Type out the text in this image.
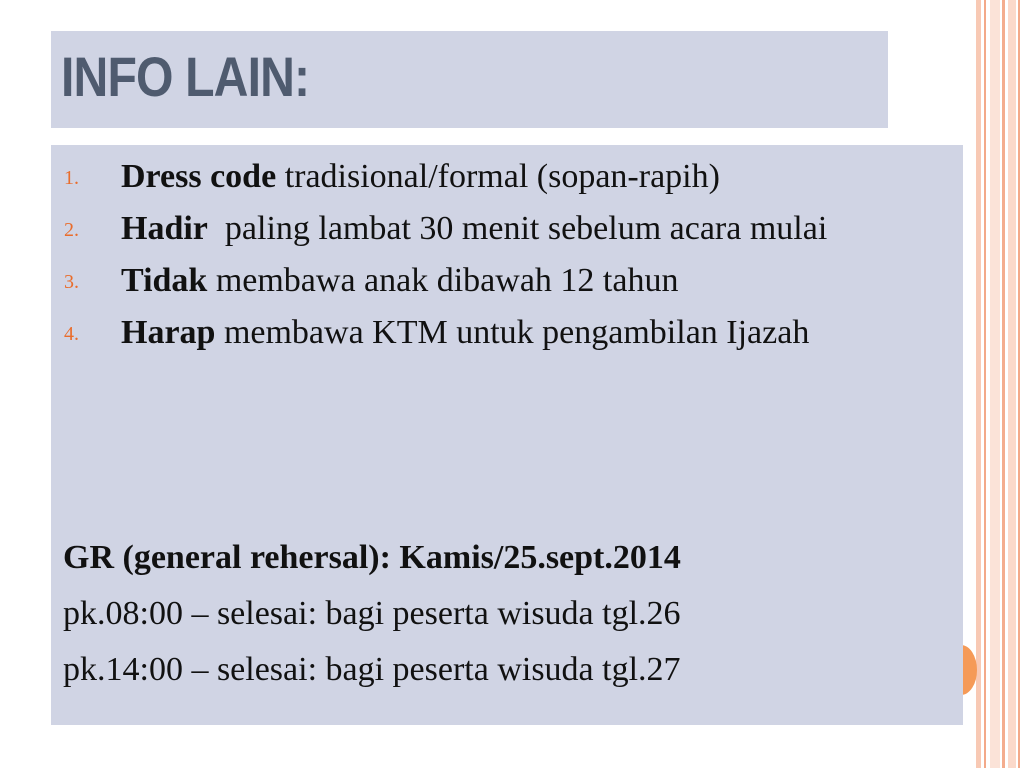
INFO LAIN:
1. Dress code tradisional/formal (sopan-rapih)
2. Hadir  paling lambat 30 menit sebelum acara mulai
3. Tidak membawa anak dibawah 12 tahun
4. Harap membawa KTM untuk pengambilan Ijazah

GR (general rehersal): Kamis/25.sept.2014

pk.08:00 – selesai: bagi peserta wisuda tgl.26

pk.14:00 – selesai: bagi peserta wisuda tgl.27
